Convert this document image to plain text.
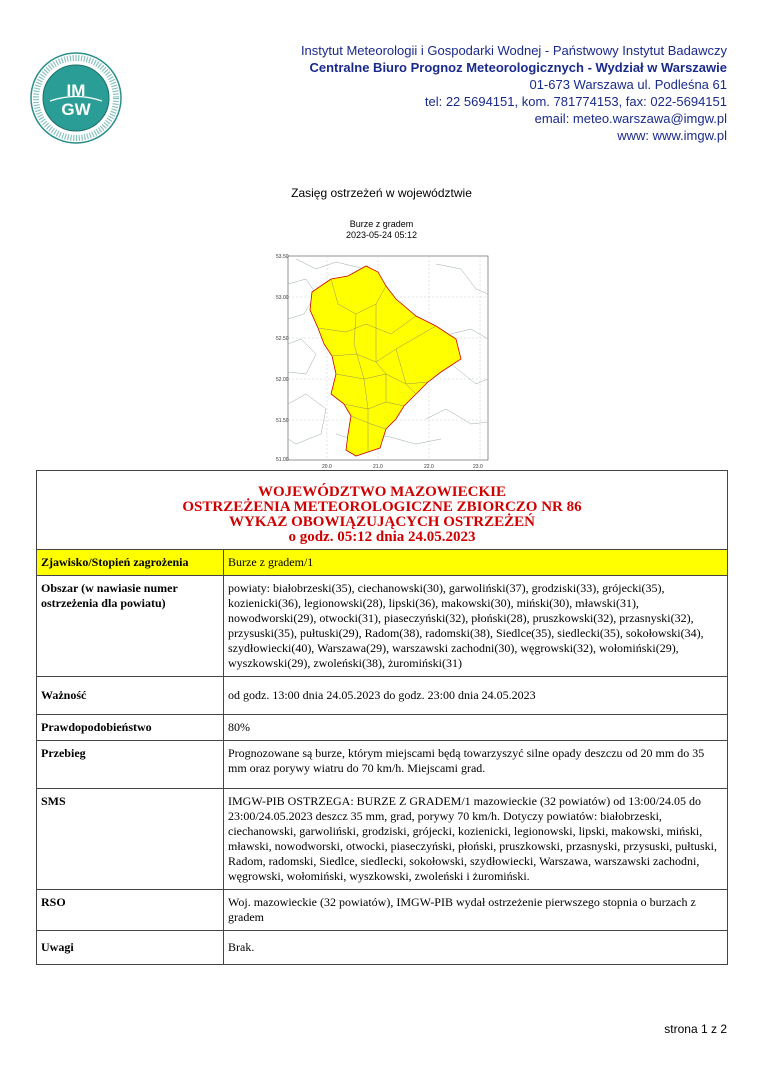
IM
GW
Instytut Meteorologii i Gospodarki Wodnej - Państwowy Instytut Badawczy
Centralne Biuro Prognoz Meteorologicznych - Wydział w Warszawie
01-673 Warszawa ul. Podleśna 61
tel: 22 5694151, kom. 781774153, fax: 022-5694151
email: meteo.warszawa@imgw.pl
www: www.imgw.pl
Zasięg ostrzeżeń w województwie
Burze z gradem
2023-05-24 05:12
53.50
53.00
52.50
52.00
51.50
51.00
20.0	21.0	22.0	23.0
WOJEWÓDZTWO MAZOWIECKIE
OSTRZEŻENIA METEOROLOGICZNE ZBIORCZO NR 86
WYKAZ OBOWIĄZUJĄCYCH OSTRZEŻEŃ
o godz. 05:12 dnia 24.05.2023	

Zjawisko/Stopień zagrożenia	Burze z gradem/1
Obszar (w nawiasie numer ostrzeżenia dla powiatu)	powiaty: białobrzeski(35), ciechanowski(30), garwoliński(37), grodziski(33), grójecki(35), kozienicki(36), legionowski(28), lipski(36), makowski(30), miński(30), mławski(31), nowodworski(29), otwocki(31), piaseczyński(32), płoński(28), pruszkowski(32), przasnyski(32), przysuski(35), pułtuski(29), Radom(38), radomski(38), Siedlce(35), siedlecki(35), sokołowski(34), szydłowiecki(40), Warszawa(29), warszawski zachodni(30), węgrowski(32), wołomiński(29), wyszkowski(29), zwoleński(38), żuromiński(31)
Ważność	od godz. 13:00 dnia 24.05.2023 do godz. 23:00 dnia 24.05.2023
Prawdopodobieństwo	80%
Przebieg	Prognozowane są burze, którym miejscami będą towarzyszyć silne opady deszczu od 20 mm do 35 mm oraz porywy wiatru do 70 km/h. Miejscami grad.
SMS	IMGW-PIB OSTRZEGA: BURZE Z GRADEM/1 mazowieckie (32 powiatów) od 13:00/24.05 do 23:00/24.05.2023 deszcz 35 mm, grad, porywy 70 km/h. Dotyczy powiatów: białobrzeski, ciechanowski, garwoliński, grodziski, grójecki, kozienicki, legionowski, lipski, makowski, miński, mławski, nowodworski, otwocki, piaseczyński, płoński, pruszkowski, przasnyski, przysuski, pułtuski, Radom, radomski, Siedlce, siedlecki, sokołowski, szydłowiecki, Warszawa, warszawski zachodni, węgrowski, wołomiński, wyszkowski, zwoleński i żuromiński.
RSO	Woj. mazowieckie (32 powiatów), IMGW-PIB wydał ostrzeżenie pierwszego stopnia o burzach z gradem
Uwagi	Brak.
strona 1 z 2
